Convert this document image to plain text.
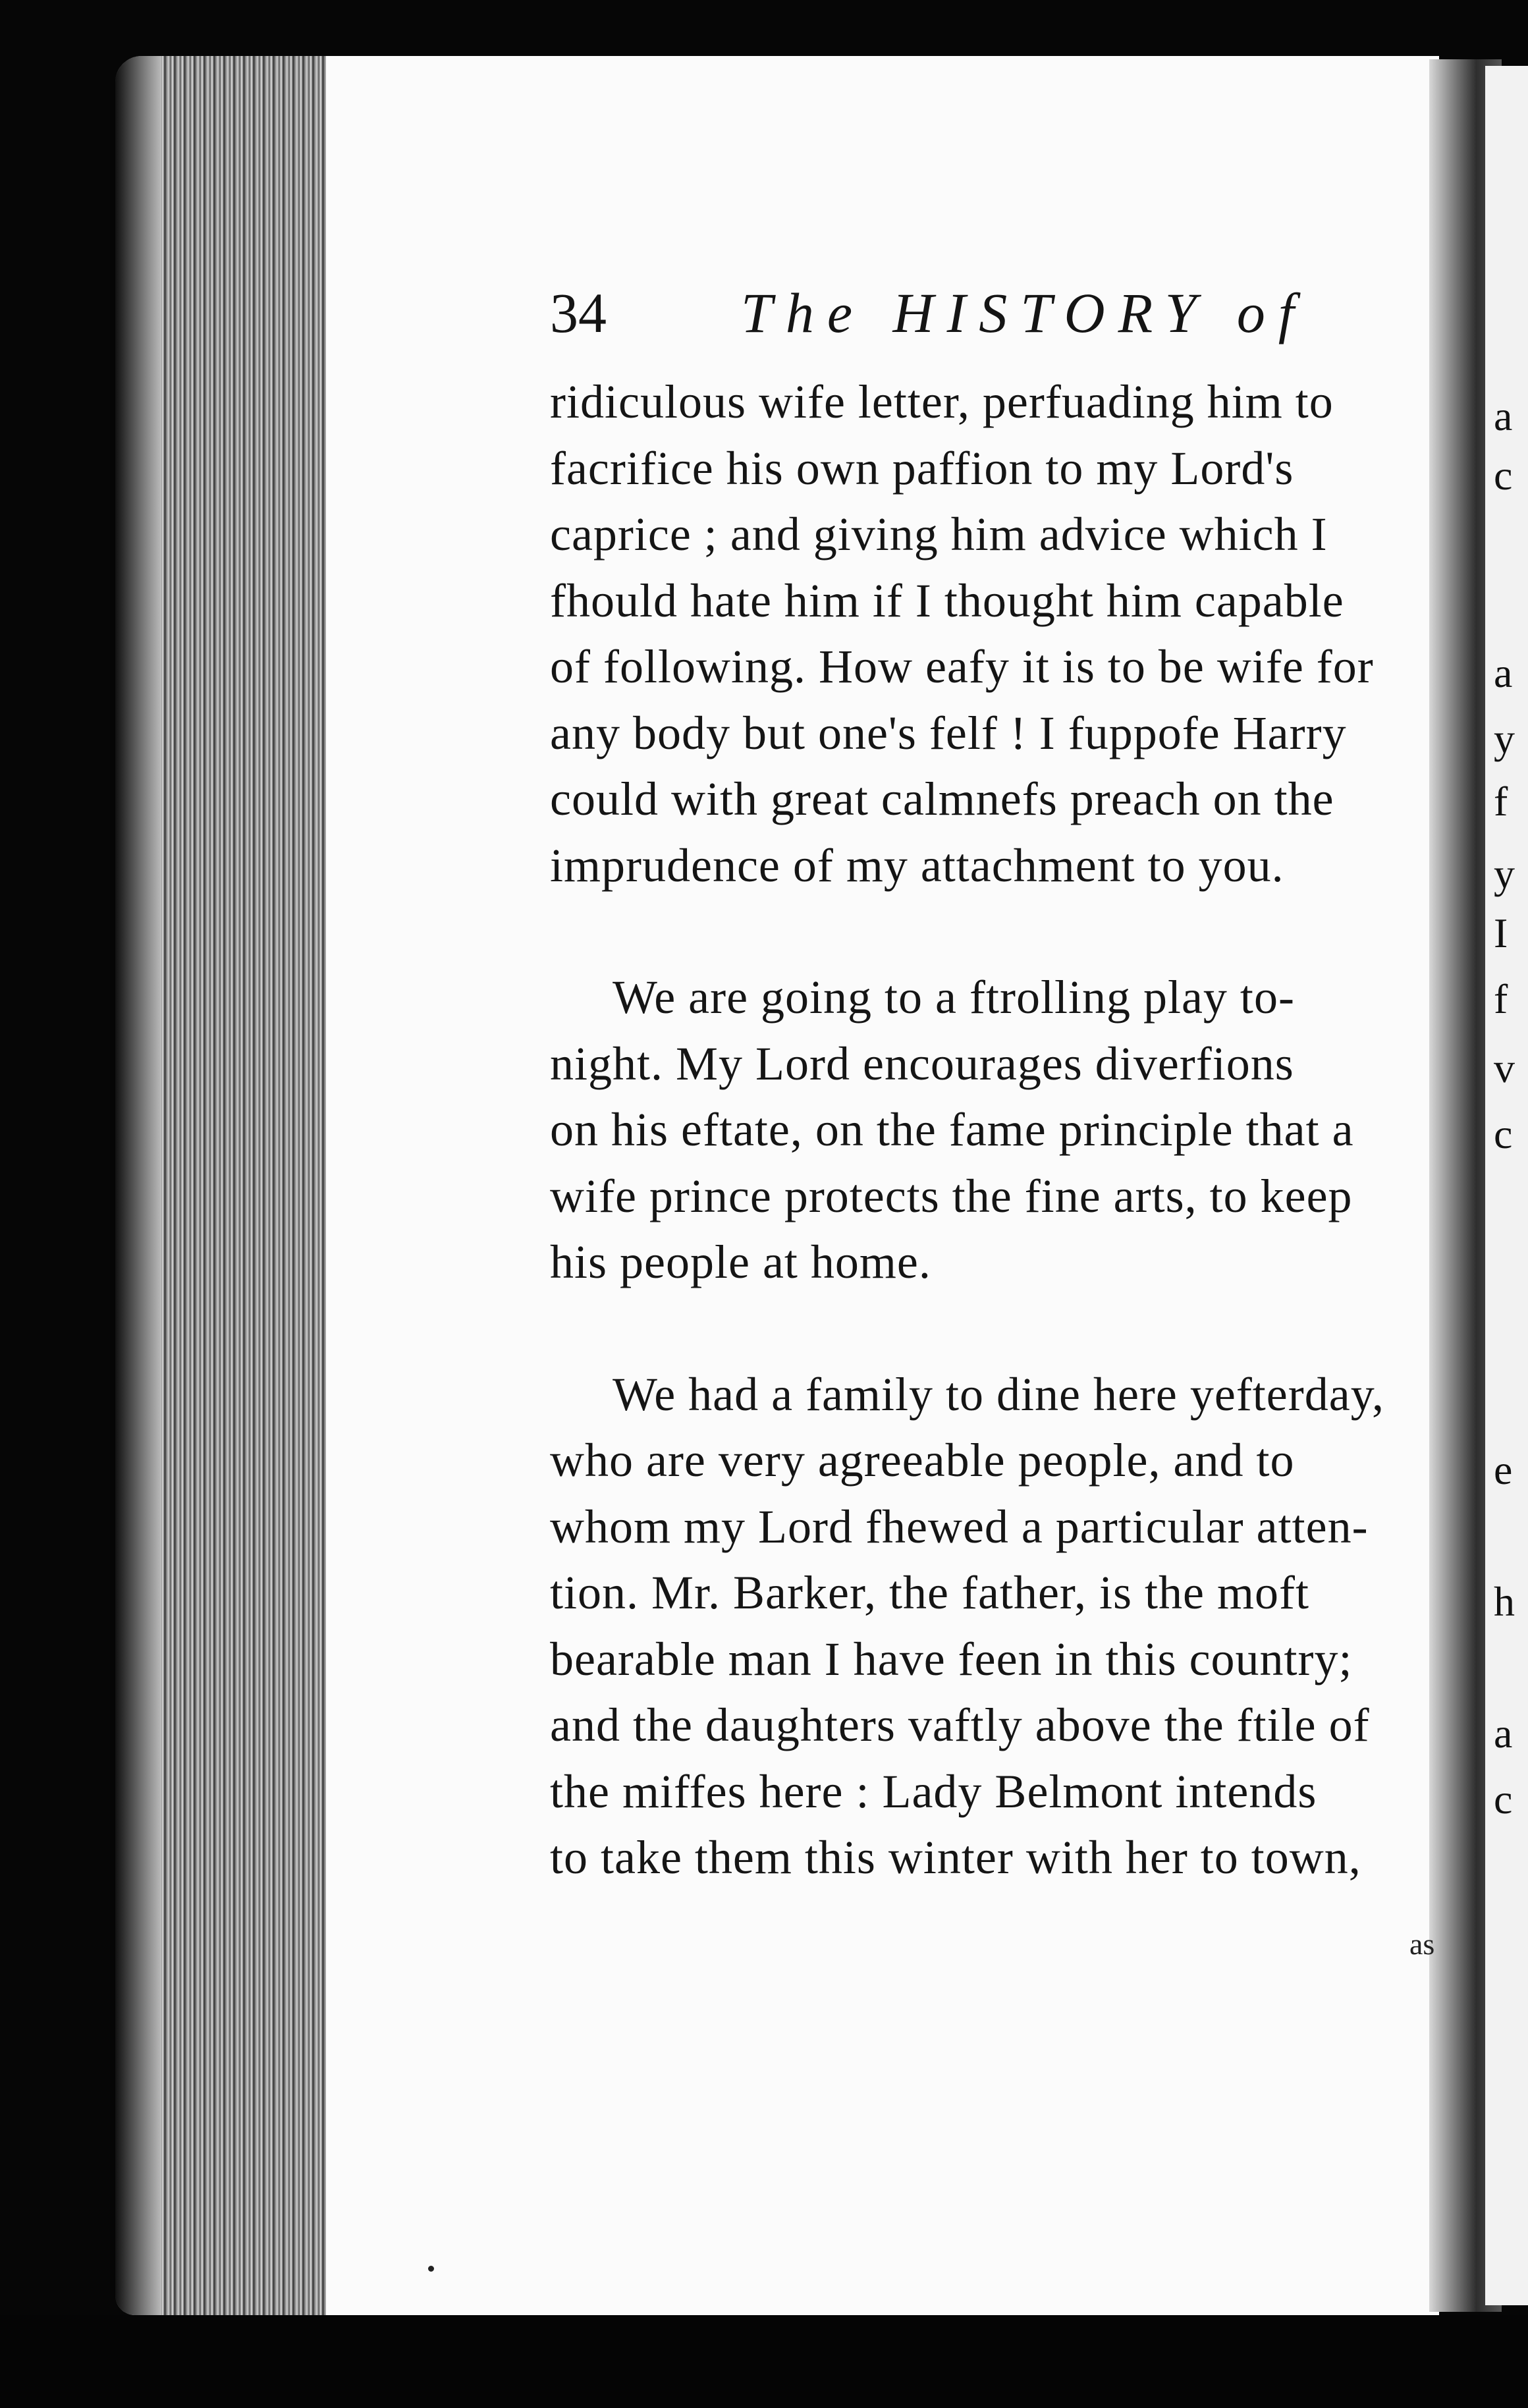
a
c
a
y
f
y
I
f
v
c
e
h
a
c
34 The HISTORY of
ridiculous wife letter, perfuading him to
facrifice his own paffion to my Lord's
caprice ; and giving him advice which I
fhould hate him if I thought him capable
of following. How eafy it is to be wife for
any body but one's felf ! I fuppofe Harry
could with great calmnefs preach on the
imprudence of my attachment to you.
We are going to a ftrolling play to-
night. My Lord encourages diverfions
on his eftate, on the fame principle that a
wife prince protects the fine arts, to keep
his people at home.
We had a family to dine here yefterday,
who are very agreeable people, and to
whom my Lord fhewed a particular atten-
tion. Mr. Barker, the father, is the moft
bearable man I have feen in this country;
and the daughters vaftly above the ftile of
the miffes here : Lady Belmont intends
to take them this winter with her to town,
as
